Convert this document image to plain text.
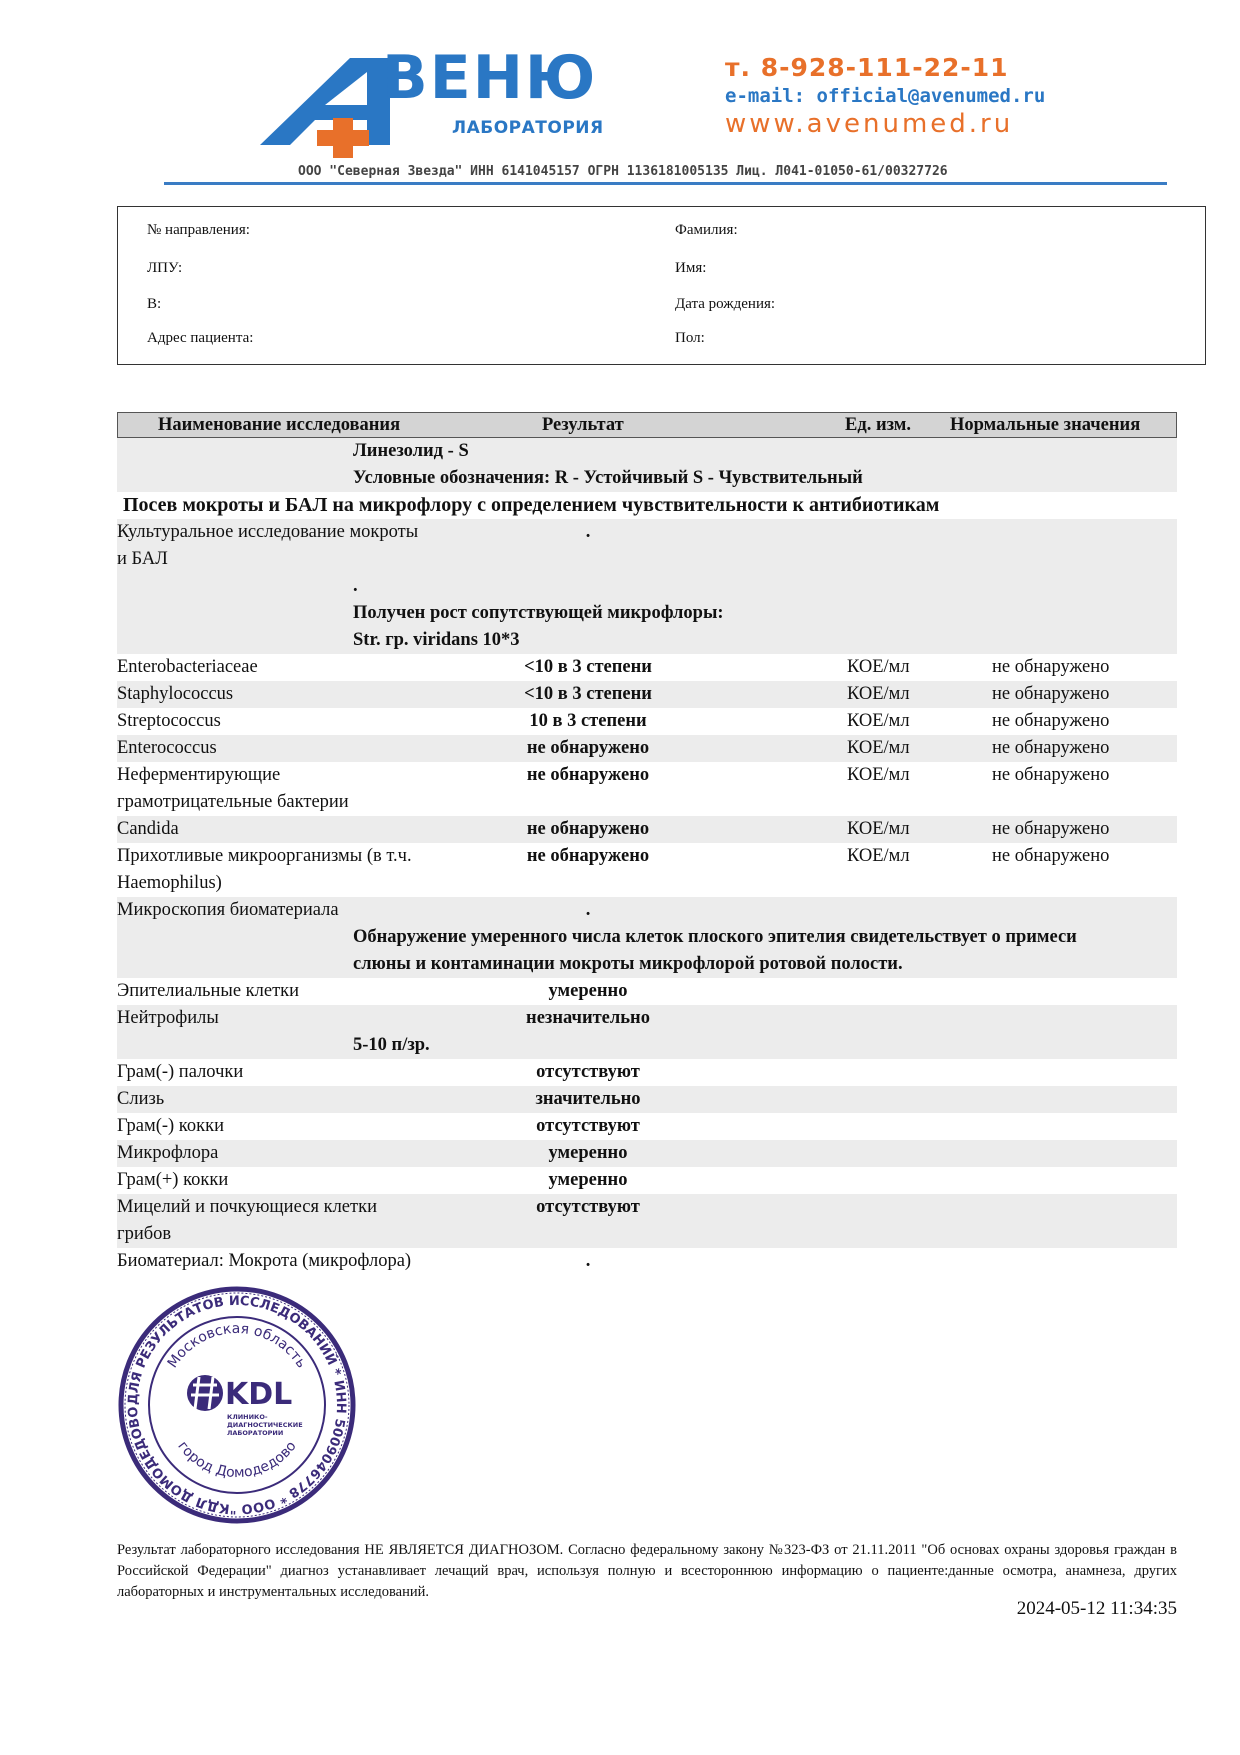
ВЕНЮ
ЛАБОРАТОРИЯ
т. 8-928-111-22-11
e-mail: official@avenumed.ru
www.avenumed.ru
ООО "Северная Звезда" ИНН 6141045157 ОГРН 1136181005135 Лиц. Л041-01050-61/00327726
№ направления:
ЛПУ:
В:
Адрес пациента:
Фамилия:
Имя:
Дата рождения:
Пол:
Наименование исследования	Результат	Ед. изм. Нормальные значения
Линезолид - S
Условные обозначения: R - Устойчивый S - Чувствительный
Посев мокроты и БАЛ на микрофлору с определением чувствительности к антибиотикам
Культуральное исследование мокроты	.
и БАЛ
.
Получен рост сопутствующей микрофлоры:
Str. гр. viridans 10*3
Enterobacteriaceae	<10 в 3 степени	КОЕ/мл	не обнаружено
Staphylococcus	<10 в 3 степени	КОЕ/мл	не обнаружено
Streptococcus	10 в 3 степени	КОЕ/мл	не обнаружено
Enterococcus	не обнаружено	КОЕ/мл	не обнаружено
Неферментирующие
грамотрицательные бактерии
не обнаружено	КОЕ/мл	не обнаружено
Candida	не обнаружено	КОЕ/мл	не обнаружено
Прихотливые микроорганизмы (в т.ч.
Haemophilus)
не обнаружено	КОЕ/мл	не обнаружено
Микроскопия биоматериала	.
Обнаружение умеренного числа клеток плоского эпителия свидетельствует о примеси
слюны и контаминации мокроты микрофлорой ротовой полости.
Эпителиальные клетки	умеренно
Нейтрофилы	незначительно
5-10 п/зр.
Грам(-) палочки	отсутствуют
Слизь	значительно
Грам(-) кокки	отсутствуют
Микрофлора	умеренно
Грам(+) кокки	умеренно
Мицелий и почкующиеся клетки
грибов
отсутствуют
Биоматериал: Мокрота (микрофлора)	.
ДЛЯ РЕЗУЛЬТАТОВ ИССЛЕДОВАНИЙ * ИНН 5009046778 * ООО "КДЛ ДОМОДЕДОВО
Московская область
город Домодедово
KDL
КЛИНИКО-ДИАГНОСТИЧЕСКИЕ ЛАБОРАТОРИИ
Результат лабораторного исследования НЕ ЯВЛЯЕТСЯ ДИАГНОЗОМ. Согласно федеральному закону №323-ФЗ от 21.11.2011 "Об основах охраны здоровья граждан в Российской Федерации" диагноз устанавливает лечащий врач, используя полную и всестороннюю информацию о пациенте:данные осмотра, анамнеза, других лабораторных и инструментальных исследований.
2024-05-12 11:34:35
